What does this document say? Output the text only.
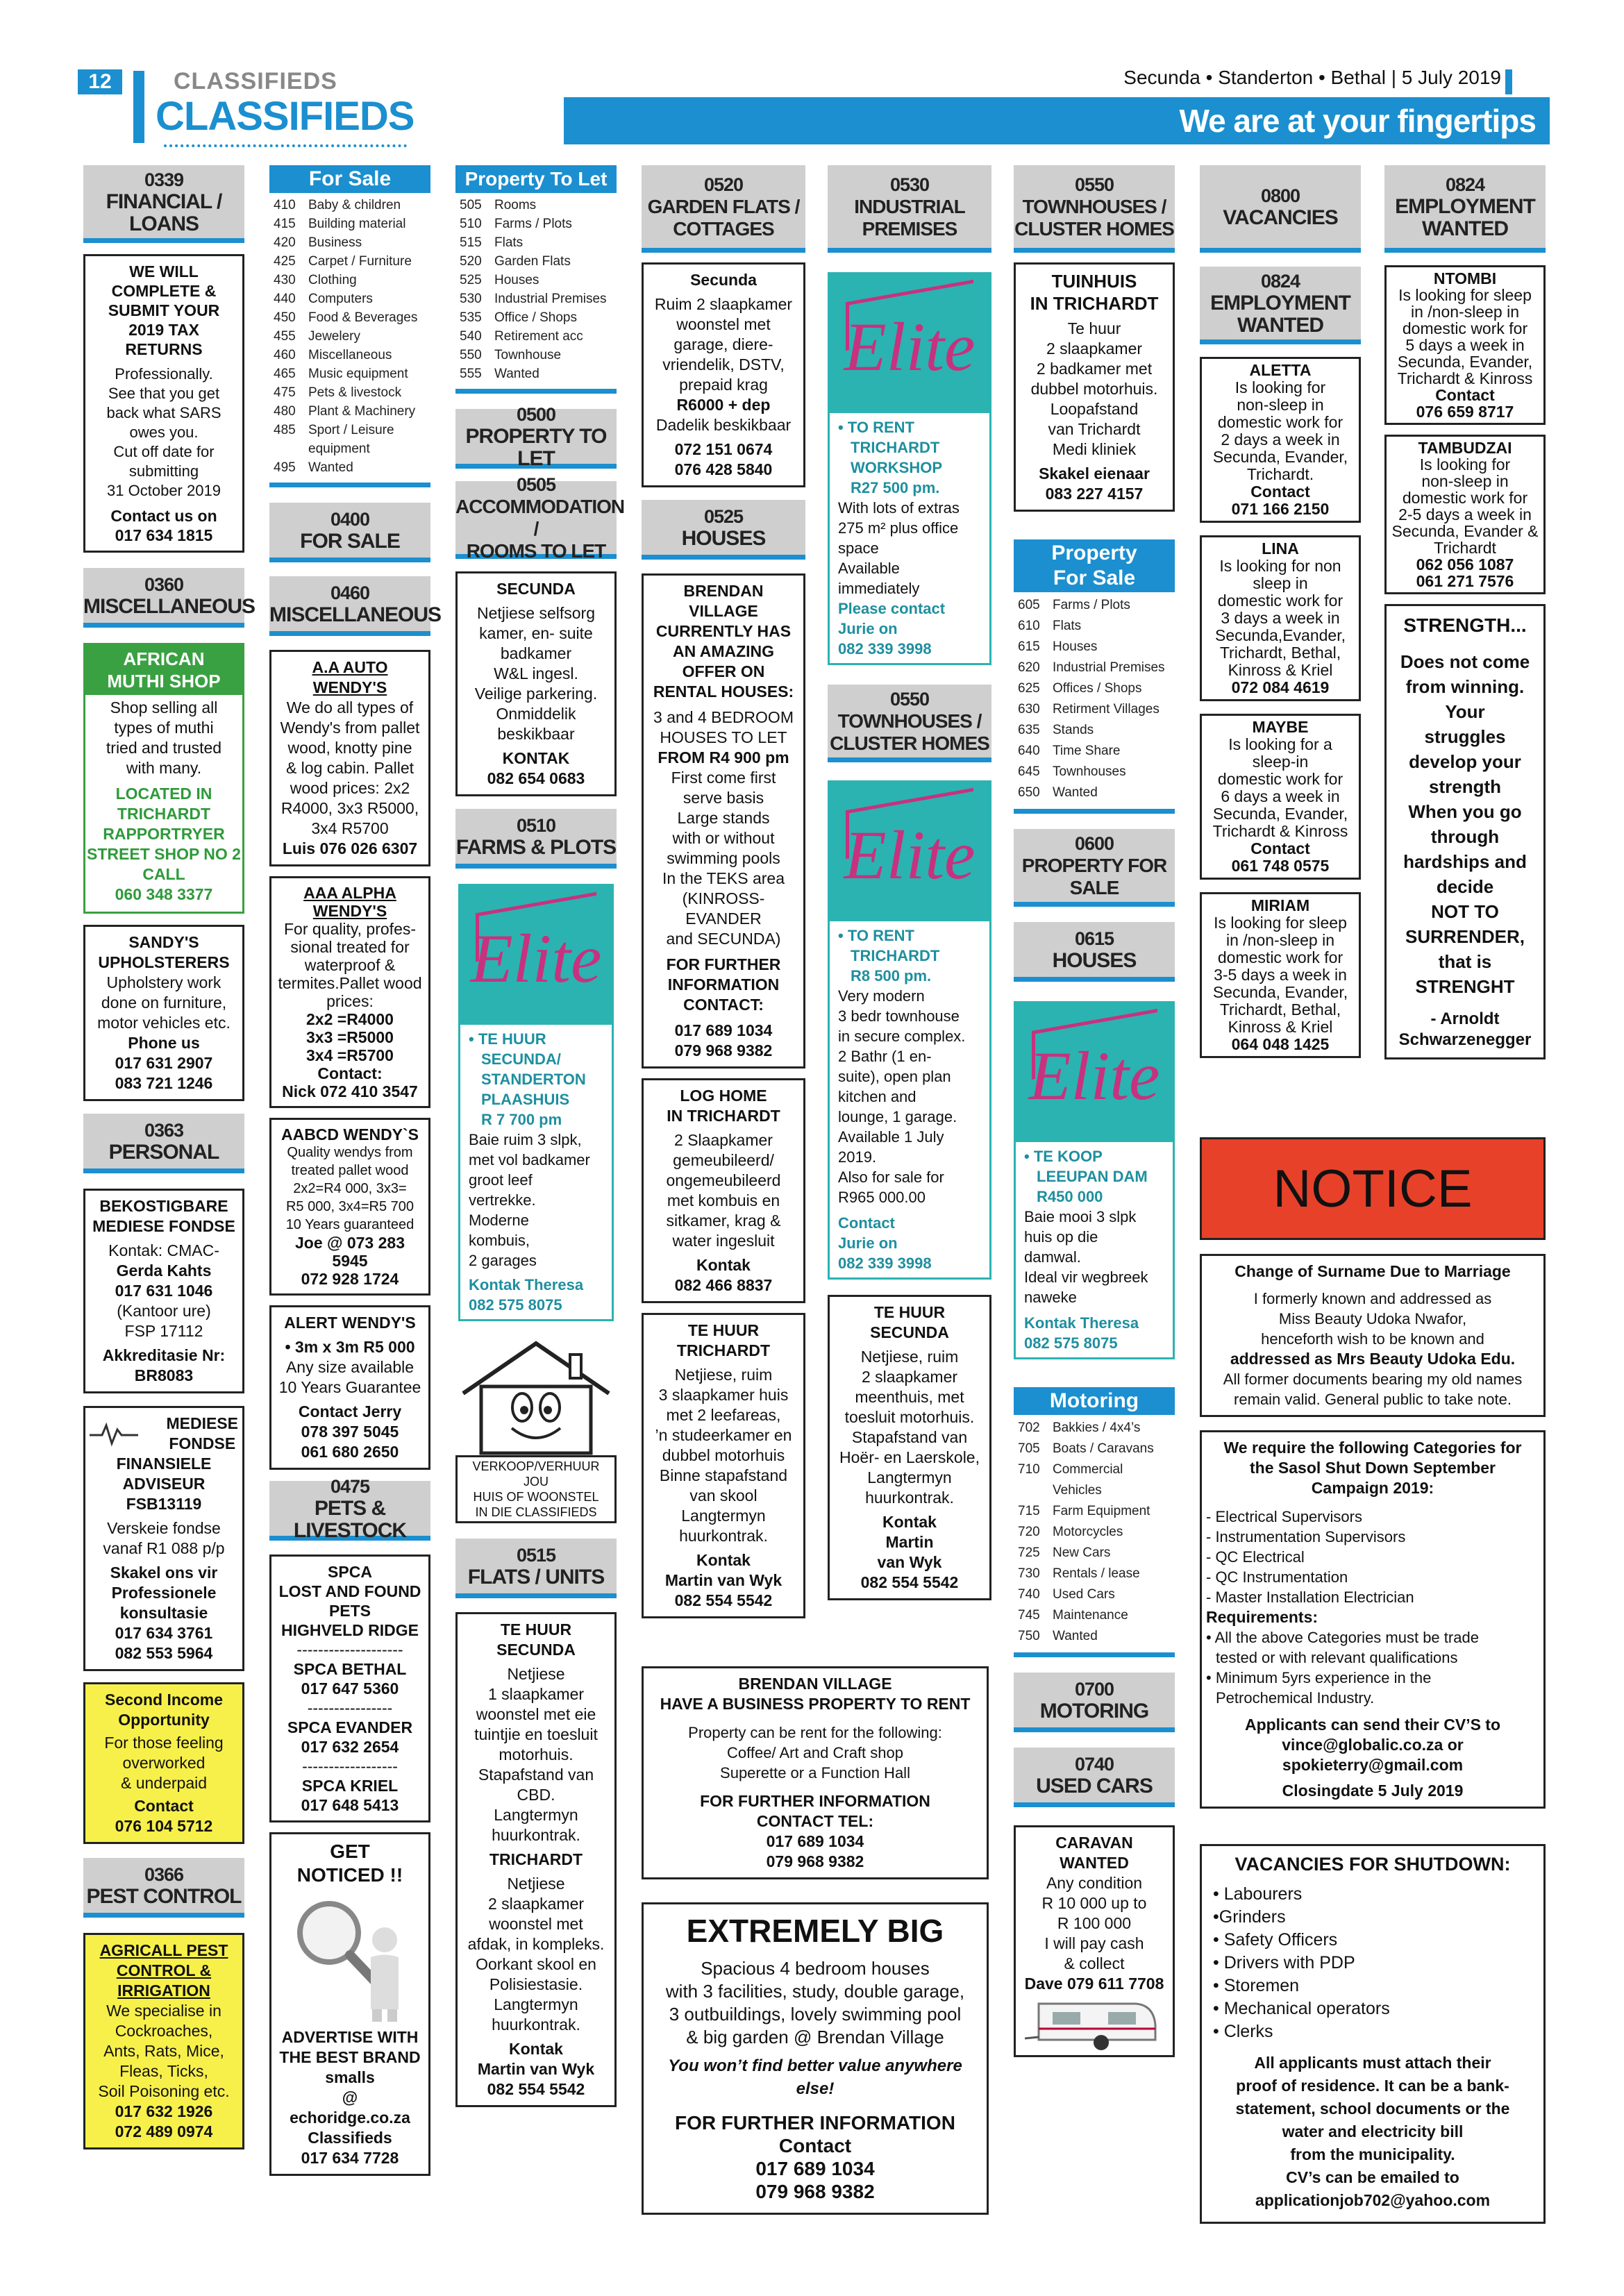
12	CLASSIFIEDS
CLASSIFIEDS
Secunda • Standerton • Bethal | 5 July 2019
We are at your fingertips
0339
FINANCIAL / LOANS
WE WILL
COMPLETE &
SUBMIT YOUR
2019 TAX RETURNS
Professionally.
See that you get
back what SARS
owes you.
Cut off date for
submitting
31 October 2019
Contact us on
017 634 1815
0360
MISCELLANEOUS
AFRICAN
MUTHI SHOP
Shop selling all
types of muthi
tried and trusted
with many.
LOCATED IN
TRICHARDT
RAPPORTRYER
STREET SHOP NO 2
CALL
060 348 3377
SANDY'S
UPHOLSTERERS
Upholstery work
done on furniture,
motor vehicles etc.
Phone us
017 631 2907
083 721 1246
0363
PERSONAL
BEKOSTIGBARE
MEDIESE FONDSE
Kontak: CMAC-
Gerda Kahts
017 631 1046
(Kantoor ure)
FSP 17112
Akkreditasie Nr:
BR8083
MEDIESE
FONDSE
FINANSIELE
ADVISEUR
FSB13119
Verskeie fondse
vanaf R1 088 p/p
Skakel ons vir
Professionele
konsultasie
017 634 3761
082 553 5964
Second Income
Opportunity
For those feeling
overworked
& underpaid
Contact
076 104 5712
0366
PEST CONTROL
AGRICALL PEST
CONTROL &
IRRIGATION
We specialise in
Cockroaches,
Ants, Rats, Mice,
Fleas, Ticks,
Soil Poisoning etc.
017 632 1926
072 489 0974
For Sale
410 Baby & children
415 Building material
420 Business
425 Carpet / Furniture
430 Clothing
440 Computers
450 Food & Beverages
455 Jewelery
460 Miscellaneous
465 Music equipment
475 Pets & livestock
480 Plant & Machinery
485 Sport / Leisure
equipment
495 Wanted
0400
FOR SALE
0460
MISCELLANEOUS
A.A AUTO
WENDY'S
We do all types of
Wendy's from pallet
wood, knotty pine
& log cabin. Pallet
wood prices: 2x2
R4000, 3x3 R5000,
3x4 R5700
Luis 076 026 6307
AAA ALPHA
WENDY'S
For quality, profes-
sional treated for
waterproof &
termites.Pallet wood
prices:
2x2 =R4000
3x3 =R5000
3x4 =R5700
Contact:
Nick 072 410 3547
AABCD WENDY`S
Quality wendys from
treated pallet wood
2x2=R4 000, 3x3=
R5 000, 3x4=R5 700
10 Years guaranteed
Joe @ 073 283 5945
072 928 1724
ALERT WENDY'S
• 3m x 3m R5 000
Any size available
10 Years Guarantee
Contact Jerry
078 397 5045
061 680 2650
0475
PETS & LIVESTOCK
SPCA
LOST AND FOUND
PETS
HIGHVELD RIDGE
--------------------
SPCA BETHAL
017 647 5360
----------------
SPCA EVANDER
017 632 2654
------------------
SPCA KRIEL
017 648 5413
GET
NOTICED !!
ADVERTISE WITH
THE BEST BRAND
smalls
@
echoridge.co.za
Classifieds
017 634 7728
Property To Let
505 Rooms
510 Farms / Plots
515 Flats
520 Garden Flats
525 Houses
530 Industrial Premises
535 Office / Shops
540 Retirement acc
550 Townhouse
555 Wanted
0500
PROPERTY TO LET
0505
ACCOMMODATION /
ROOMS TO LET
SECUNDA
Netjiese selfsorg
kamer, en- suite
badkamer
W&L ingesl.
Veilige parkering.
Onmiddelik
beskikbaar
KONTAK
082 654 0683
0510
FARMS & PLOTS
Elite
• TE HUUR
SECUNDA/
STANDERTON
PLAASHUIS
R 7 700 pm
Baie ruim 3 slpk,
met vol badkamer
groot leef
vertrekke.
Moderne
kombuis,
2 garages
Kontak Theresa
082 575 8075
VERKOOP/VERHUUR JOU
HUIS OF WOONSTEL
IN DIE CLASSIFIEDS
0515
FLATS / UNITS
TE HUUR
SECUNDA
Netjiese
1 slaapkamer
woonstel met eie
tuintjie en toesluit
motorhuis.
Stapafstand van
CBD.
Langtermyn
huurkontrak.
TRICHARDT
Netjiese
2 slaapkamer
woonstel met
afdak, in kompleks.
Oorkant skool en
Polisiestasie.
Langtermyn
huurkontrak.
Kontak
Martin van Wyk
082 554 5542
0520
GARDEN FLATS /
COTTAGES
Secunda
Ruim 2 slaapkamer
woonstel met
garage, diere-
vriendelik, DSTV,
prepaid krag
R6000 + dep
Dadelik beskikbaar
072 151 0674
076 428 5840
0525
HOUSES
BRENDAN
VILLAGE
CURRENTLY HAS
AN AMAZING
OFFER ON
RENTAL HOUSES:
3 and 4 BEDROOM
HOUSES TO LET
FROM R4 900 pm
First come first
serve basis
Large stands
with or without
swimming pools
In the TEKS area
(KINROSS-EVANDER
and SECUNDA)
FOR FURTHER
INFORMATION
CONTACT:
017 689 1034
079 968 9382
LOG HOME
IN TRICHARDT
2 Slaapkamer
gemeubileerd/
ongemeubileerd
met kombuis en
sitkamer, krag &
water ingesluit
Kontak
082 466 8837
TE HUUR
TRICHARDT
Netjiese, ruim
3 slaapkamer huis
met 2 leefareas,
’n studeerkamer en
dubbel motorhuis
Binne stapafstand
van skool
Langtermyn
huurkontrak.
Kontak
Martin van Wyk
082 554 5542
0530
INDUSTRIAL
PREMISES
Elite
• TO RENT
TRICHARDT
WORKSHOP
R27 500 pm.
With lots of extras
275 m² plus office
space
Available
immediately
Please contact
Jurie on
082 339 3998
0550
TOWNHOUSES /
CLUSTER HOMES
Elite
• TO RENT
TRICHARDT
R8 500 pm.
Very modern
3 bedr townhouse
in secure complex.
2 Bathr (1 en-
suite), open plan
kitchen and
lounge, 1 garage.
Available 1 July
2019.
Also for sale for
R965 000.00
Contact
Jurie on
082 339 3998
TE HUUR
SECUNDA
Netjiese, ruim
2 slaapkamer
meenthuis, met
toesluit motorhuis.
Stapafstand van
Hoër- en Laerskole,
Langtermyn
huurkontrak.
Kontak
Martin
van Wyk
082 554 5542
BRENDAN VILLAGE
HAVE A BUSINESS PROPERTY TO RENT
Property can be rent for the following:
Coffee/ Art and Craft shop
Superette or a Function Hall
FOR FURTHER INFORMATION
CONTACT TEL:
017 689 1034
079 968 9382
EXTREMELY BIG
Spacious 4 bedroom houses
with 3 facilities, study, double garage,
3 outbuildings, lovely swimming pool
& big garden @ Brendan Village
You won’t find better value anywhere else!
FOR FURTHER INFORMATION
Contact
017 689 1034
079 968 9382
0550
TOWNHOUSES /
CLUSTER HOMES
TUINHUIS
IN TRICHARDT
Te huur
2 slaapkamer
2 badkamer met
dubbel motorhuis.
Loopafstand
van Trichardt
Medi kliniek
Skakel eienaar
083 227 4157
Property
For Sale
605 Farms / Plots
610 Flats
615 Houses
620 Industrial Premises
625 Offices / Shops
630 Retirment Villages
635 Stands
640 Time Share
645 Townhouses
650 Wanted
0600
PROPERTY FOR
SALE
0615
HOUSES
Elite
• TE KOOP
LEEUPAN DAM
R450 000
Baie mooi 3 slpk
huis op die
damwal.
Ideal vir wegbreek
naweke
Kontak Theresa
082 575 8075
Motoring
702 Bakkies / 4x4’s
705 Boats / Caravans
710 Commercial
Vehicles
715 Farm Equipment
720 Motorcycles
725 New Cars
730 Rentals / lease
740 Used Cars
745 Maintenance
750 Wanted
0700
MOTORING
0740
USED CARS
CARAVAN WANTED
Any condition
R 10 000 up to
R 100 000
I will pay cash
& collect
Dave 079 611 7708
0800
VACANCIES
0824
EMPLOYMENT
WANTED
ALETTA
Is looking for
non-sleep in
domestic work for
2 days a week in
Secunda, Evander,
Trichardt.
Contact
071 166 2150
LINA
Is looking for non
sleep in
domestic work for
3 days a week in
Secunda,Evander,
Trichardt, Bethal,
Kinross & Kriel
072 084 4619
MAYBE
Is looking for a
sleep-in
domestic work for
6 days a week in
Secunda, Evander,
Trichardt & Kinross
Contact
061 748 0575
MIRIAM
Is looking for sleep
in /non-sleep in
domestic work for
3-5 days a week in
Secunda, Evander,
Trichardt, Bethal,
Kinross & Kriel
064 048 1425
0824
EMPLOYMENT
WANTED
NTOMBI
Is looking for sleep
in /non-sleep in
domestic work for
5 days a week in
Secunda, Evander,
Trichardt & Kinross
Contact
076 659 8717
TAMBUDZAI
Is looking for
non-sleep in
domestic work for
2-5 days a week in
Secunda, Evander &
Trichardt
062 056 1087
061 271 7576
STRENGTH...
Does not come
from winning.
Your
struggles
develop your
strength
When you go
through
hardships and
decide
NOT TO
SURRENDER,
that is
STRENGHT
- Arnoldt
Schwarzenegger
NOTICE
Change of Surname Due to Marriage
I formerly known and addressed as
Miss Beauty Udoka Nwafor,
henceforth wish to be known and
addressed as Mrs Beauty Udoka Edu.
All former documents bearing my old names
remain valid. General public to take note.
We require the following Categories for
the Sasol Shut Down September
Campaign 2019:
- Electrical Supervisors
- Instrumentation Supervisors
- QC Electrical
- QC Instrumentation
- Master Installation Electrician
Requirements:
• All the above Categories must be trade
tested or with relevant qualifications
• Minimum 5yrs experience in the
Petrochemical Industry.
Applicants can send their CV’S to
vince@globalic.co.za or
spokieterry@gmail.com
Closingdate 5 July 2019
VACANCIES FOR SHUTDOWN:
• Labourers
•Grinders
• Safety Officers
• Drivers with PDP
• Storemen
• Mechanical operators
• Clerks
All applicants must attach their
proof of residence. It can be a bank-
statement, school documents or the
water and electricity bill
from the municipality.
CV’s can be emailed to
applicationjob702@yahoo.com
